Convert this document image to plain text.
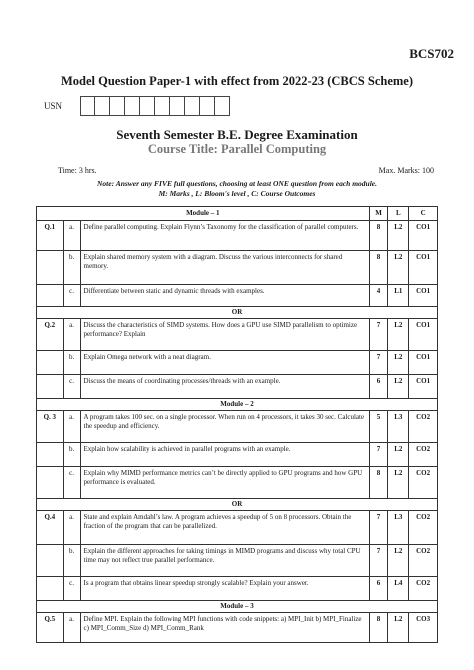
BCS702
Model Question Paper-1 with effect from 2022-23 (CBCS Scheme)
USN
Seventh Semester B.E. Degree Examination
Course Title: Parallel Computing
Time: 3 hrs.	Max. Marks: 100
Note: Answer any FIVE full questions, choosing at least ONE question from each module.
M: Marks , L: Bloom's level , C: Course Outcomes
Module – 1			M	L	C
Q.1	a.	Define parallel computing. Explain Flynn’s Taxonomy for the classification of parallel computers.	8	L2	CO1
	b.	Explain shared memory system with a diagram. Discuss the various interconnects for shared memory.	8	L2	CO1
	c.	Differentiate between static and dynamic threads with examples.	4	L1	CO1
OR					
Q.2	a.	Discuss the characteristics of SIMD systems. How does a GPU use SIMD parallelism to optimize performance? Explain	7	L2	CO1
	b.	Explain Omega network with a neat diagram.	7	L2	CO1
	c.	Discuss the means of coordinating processes/threads with an example.	6	L2	CO1
Module – 2					
Q. 3	a.	A program takes 100 sec. on a single processor. When run on 4 processors, it takes 30 sec. Calculate the speedup and efficiency.	5	L3	CO2
	b.	Explain how scalability is achieved in parallel programs with an example.	7	L2	CO2
	c.	Explain why MIMD performance metrics can’t be directly applied to GPU programs and how GPU performance is evaluated.	8	L2	CO2
OR					
Q.4	a.	State and explain Amdahl’s law. A program achieves a speedup of 5 on 8 processors. Obtain the fraction of the program that can be parallelized.	7	L3	CO2
	b.	Explain the different approaches for taking timings in MIMD programs and discuss why total CPU time may not reflect true parallel performance.	7	L2	CO2
	c.	Is a program that obtains linear speedup strongly scalable? Explain your answer.	6	L4	CO2
Module – 3					
Q.5	a.	Define MPI. Explain the following MPI functions with code snippets: a) MPI_Init b) MPI_Finalize c) MPI_Comm_Size d) MPI_Comm_Rank	8	L2	CO3
